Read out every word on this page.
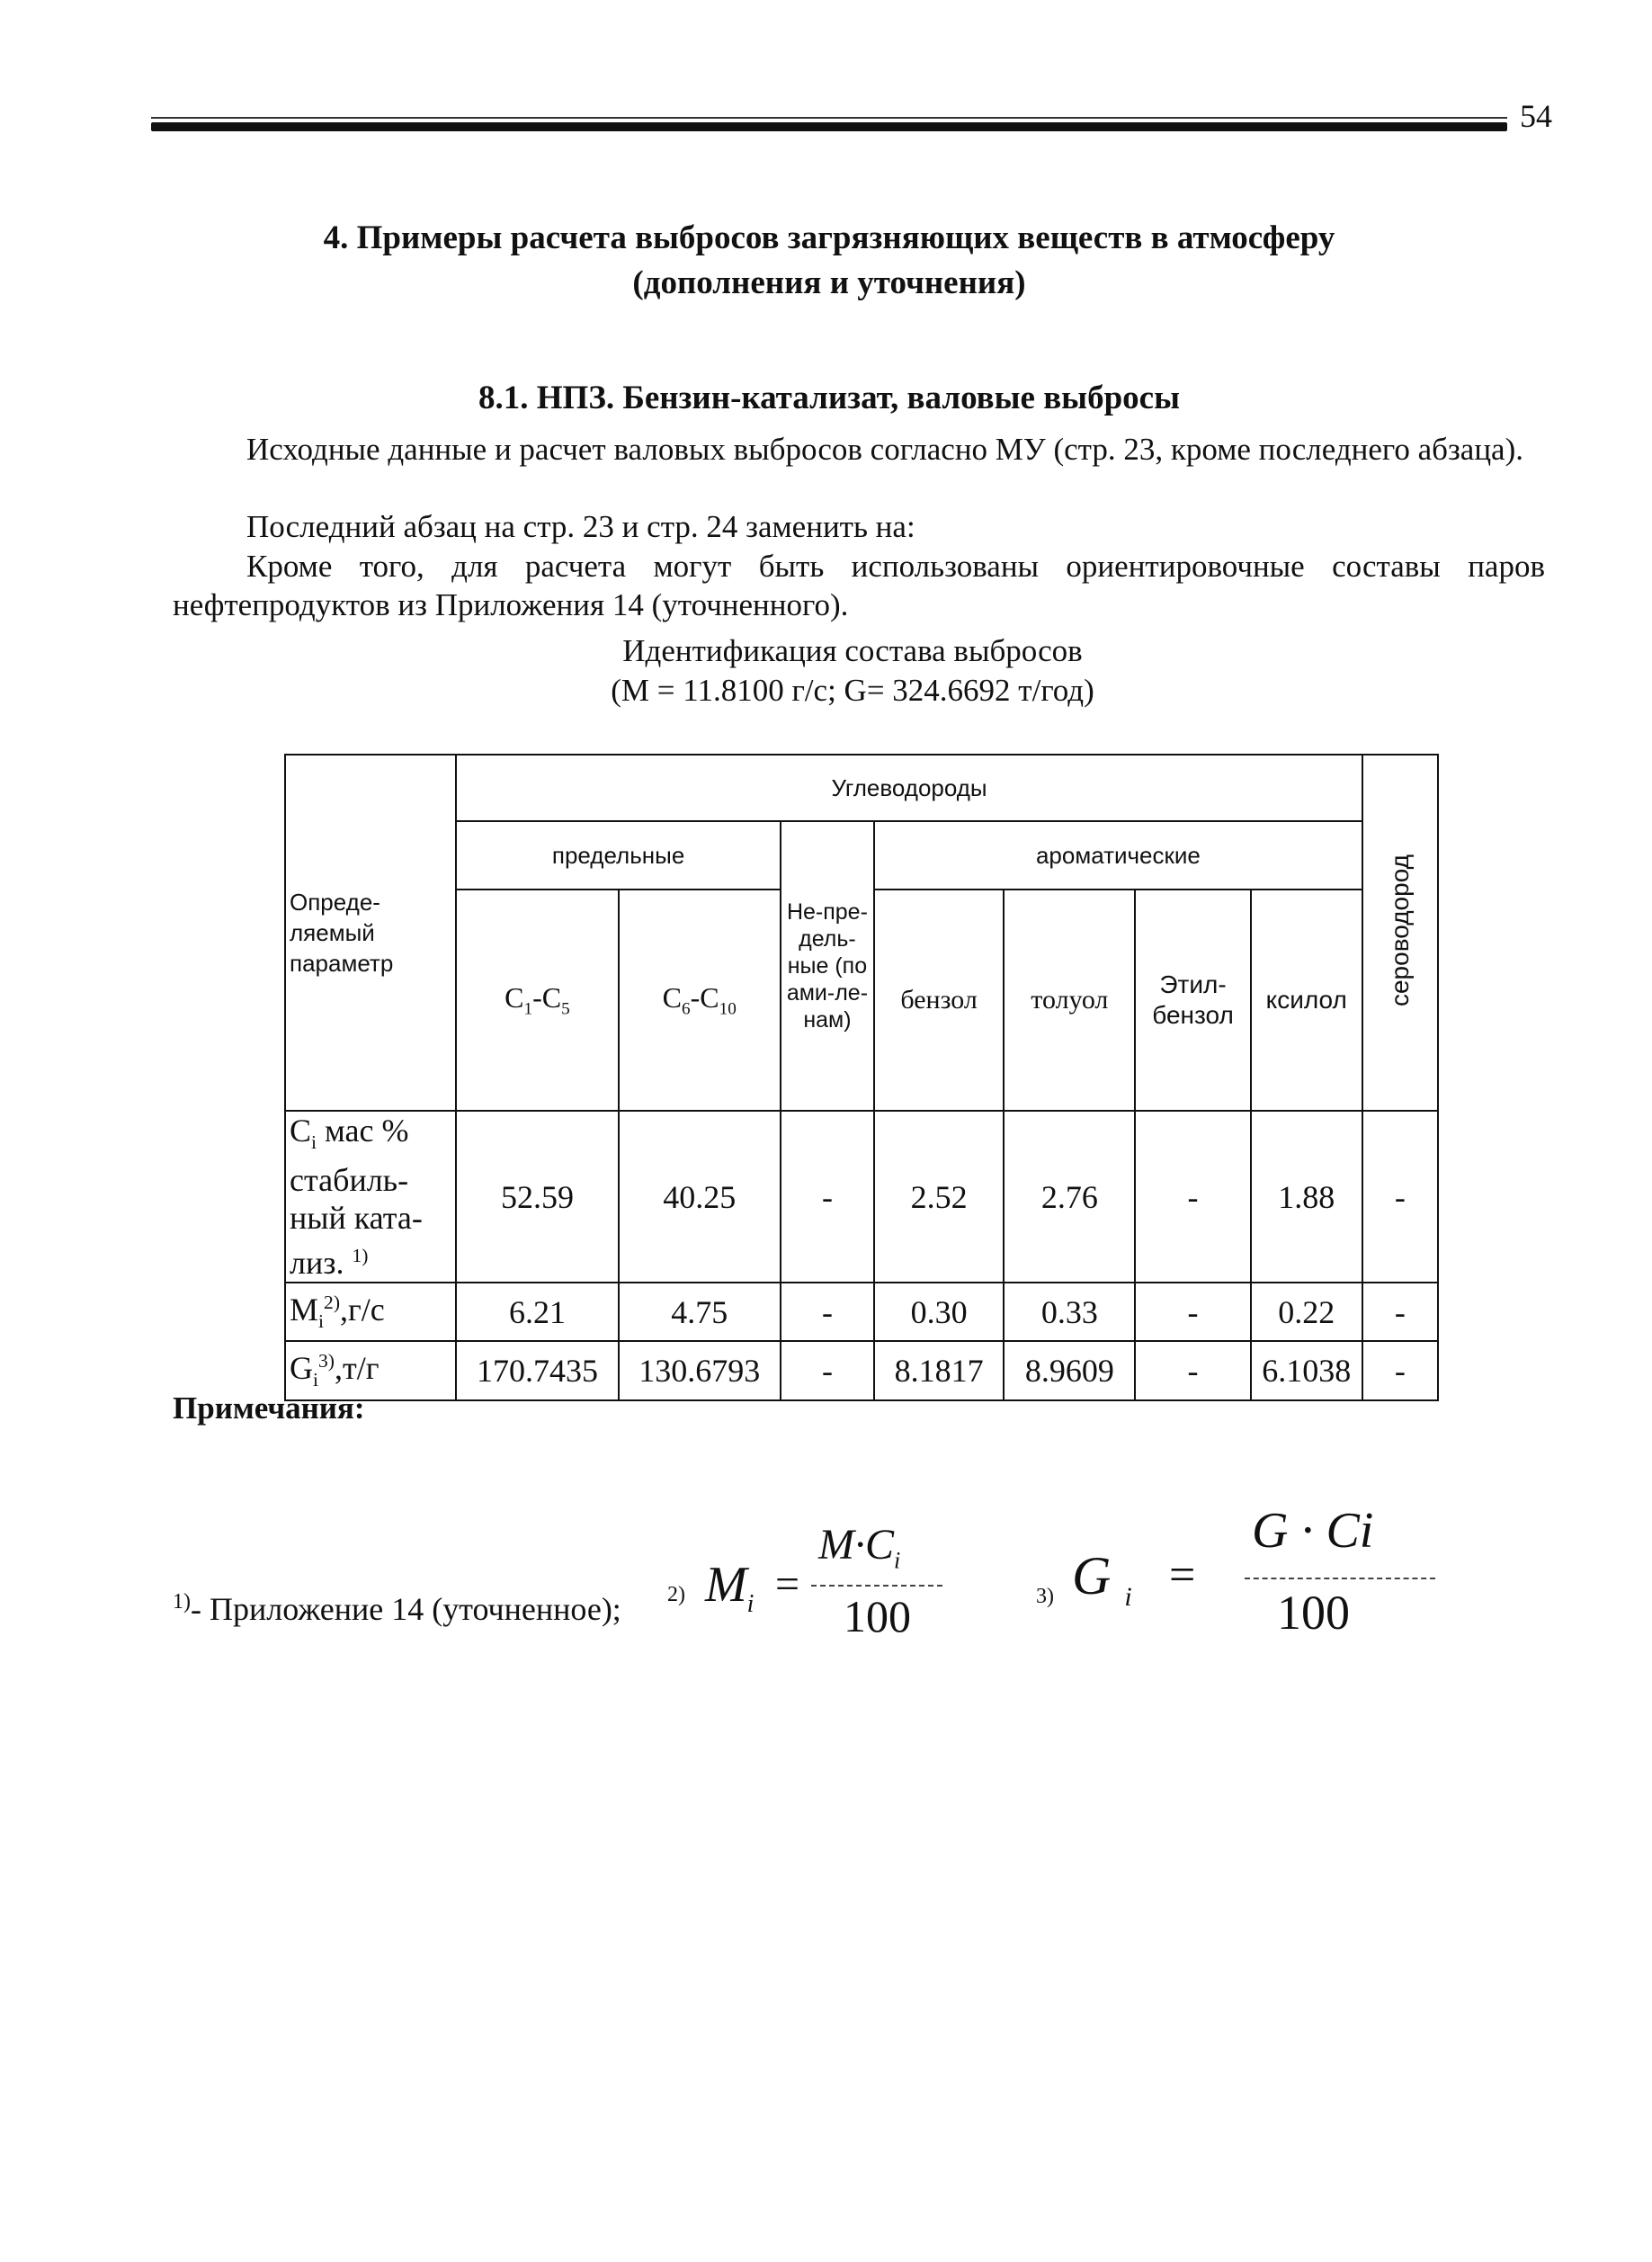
54
4. Примеры расчета выбросов загрязняющих веществ в атмосферу
(дополнения и уточнения)
8.1. НПЗ. Бензин-катализат, валовые выбросы
Исходные данные и расчет валовых выбросов согласно МУ (стр. 23, кроме последнего абзаца).
Последний абзац на стр. 23 и стр. 24 заменить на:
Кроме того, для расчета могут быть использованы ориентировочные составы паров нефтепродуктов из Приложения 14 (уточненного).
Идентификация состава выбросов
(М = 11.8100 г/с; G= 324.6692 т/год)
Опреде-ляемый параметр	Углеводороды							сероводород
	предельные		Не-пре-дель-ные (по ами-ле-нам)	ароматические				
	$C_1-C_5$	$C_6-C_{10}$		бензол	толуол	Этил-бензол	ксилол	
$C_i$ мас % стабиль-ный ката-лиз. $^{1)}$	52.59	40.25	-	2.52	2.76	-	1.88	-
$M_i^{2)},г/с$	6.21	4.75	-	0.30	0.33	-	0.22	-
$G_i^{3)},т/г$	170.7435	130.6793	-	8.1817	8.9609	-	6.1038	-
Примечания:
$^{1)}$- Приложение 14 (уточненное); 2) $M_i$ =
$M\cdot C_i$
100	3) G $_i$ =
G · Ci
100
